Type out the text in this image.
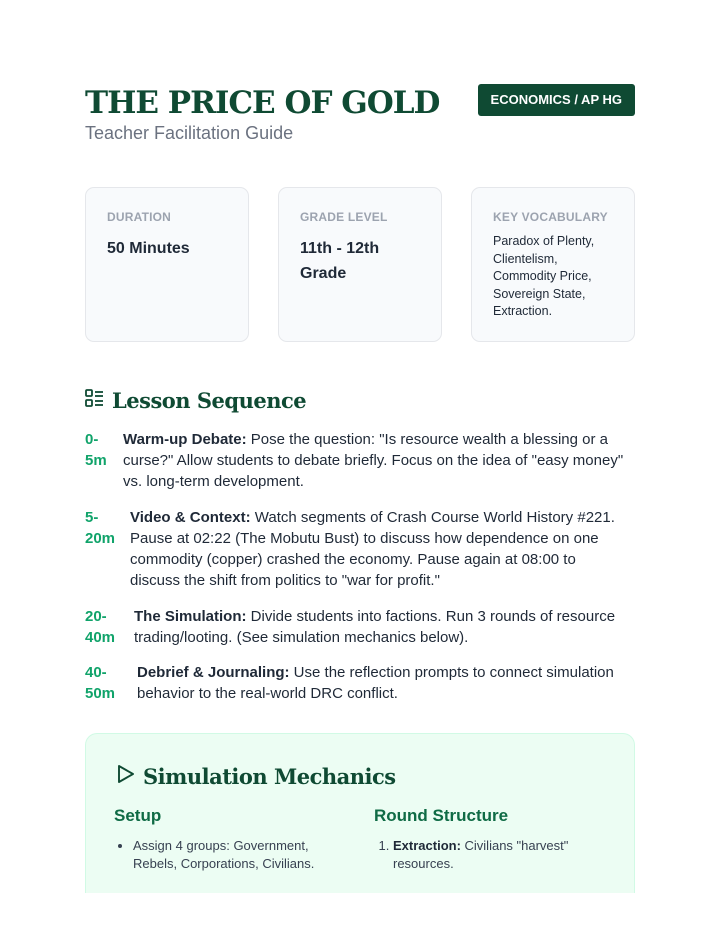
THE PRICE OF GOLD
Teacher Facilitation Guide
ECONOMICS / AP HG
DURATION
50 Minutes
GRADE LEVEL
11th - 12th
Grade
KEY VOCABULARY
Paradox of Plenty,
Clientelism,
Commodity Price,
Sovereign State,
Extraction.
Lesson Sequence
0-
5m
Warm-up Debate: Pose the question: "Is resource wealth a blessing or a
curse?" Allow students to debate briefly. Focus on the idea of "easy money"
vs. long-term development.
5-
20m
Video & Context: Watch segments of Crash Course World History #221.
Pause at 02:22 (The Mobutu Bust) to discuss how dependence on one
commodity (copper) crashed the economy. Pause again at 08:00 to
discuss the shift from politics to "war for profit."
20-
40m
The Simulation: Divide students into factions. Run 3 rounds of resource
trading/looting. (See simulation mechanics below).
40-
50m
Debrief & Journaling: Use the reflection prompts to connect simulation
behavior to the real-world DRC conflict.
Simulation Mechanics
Setup
• Assign 4 groups: Government,
Rebels, Corporations, Civilians.
Round Structure
1. Extraction: Civilians "harvest"
resources.
